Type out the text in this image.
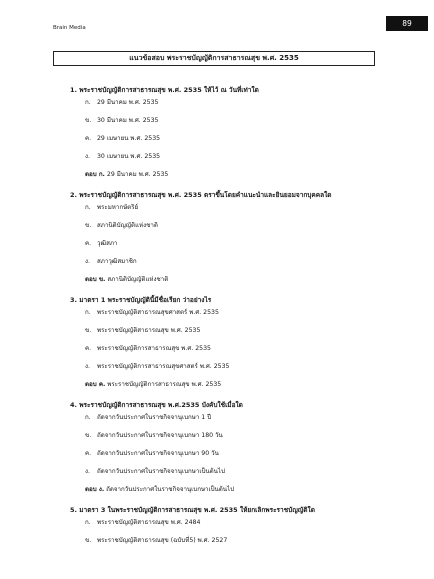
Brain Media	89
แนวข้อสอบ พระราชบัญญัติการสาธารณสุข พ.ศ. 2535
1. พระราชบัญญัติการสาธารณสุข พ.ศ. 2535 ให้ไว้ ณ วันที่เท่าใด
ก. 29 มีนาคม พ.ศ. 2535
ข. 30 มีนาคม พ.ศ. 2535
ค. 29 เมษายน พ.ศ. 2535
ง. 30 เมษายน พ.ศ. 2535
ตอบ ก. 29 มีนาคม พ.ศ. 2535
2. พระราชบัญญัติการสาธารณสุข พ.ศ. 2535 ตราขึ้นโดยคำแนะนำและยินยอมจากบุคคลใด
ก. พระมหากษัตริย์
ข. สภานิติบัญญัติแห่งชาติ
ค. วุฒิสภา
ง. สภาวุฒิสมาชิก
ตอบ ข. สภานิติบัญญัติแห่งชาติ
3. มาตรา 1 พระราชบัญญัตินี้มีชื่อเรียก ว่าอย่างไร
ก. พระราชบัญญัติสาธารณสุขศาสตร์ พ.ศ. 2535
ข. พระราชบัญญัติสาธารณสุข พ.ศ. 2535
ค. พระราชบัญญัติการสาธารณสุข พ.ศ. 2535
ง. พระราชบัญญัติการสาธารณสุขศาสตร์ พ.ศ. 2535
ตอบ ค. พระราชบัญญัติการสาธารณสุข พ.ศ. 2535
4. พระราชบัญญัติการสาธารณสุข พ.ศ.2535 บังคับใช้เมื่อใด
ก. ถัดจากวันประกาศในราชกิจจานุเบกษา 1 ปี
ข. ถัดจากวันประกาศในราชกิจจานุเบกษา 180 วัน
ค. ถัดจากวันประกาศในราชกิจจานุเบกษา 90 วัน
ง. ถัดจากวันประกาศในราชกิจจานุเบกษาเป็นต้นไป
ตอบ ง. ถัดจากวันประกาศในราชกิจจานุเบกษาเป็นต้นไป
5. มาตรา 3 ในพระราชบัญญัติการสาธารณสุข พ.ศ. 2535 ให้ยกเลิกพระราชบัญญัติใด
ก. พระราชบัญญัติสาธารณสุข พ.ศ. 2484
ข. พระราชบัญญัติสาธารณสุข (ฉบับที่5) พ.ศ. 2527
